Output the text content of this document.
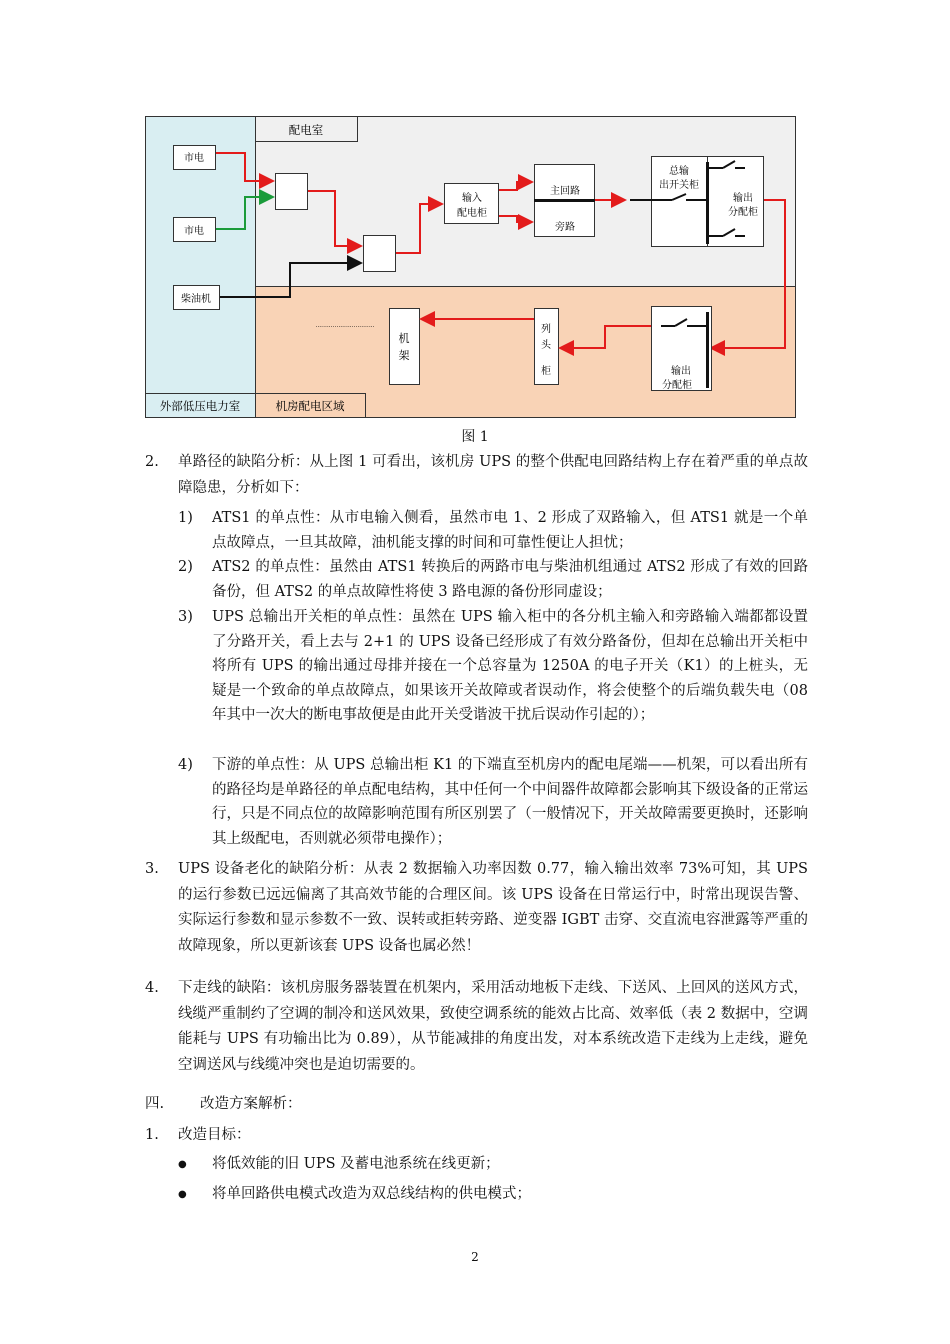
配电室
外部低压电力室	机房配电区域
市电
市电
柴油机
输入
配电柜
主回路
旁路
总输
出开关柜
输出
分配柜
输出
分配柜
列
头
柜
机
架
...............................
图 1
2. 单路径的缺陷分析：从上图 1 可看出，该机房 UPS 的整个供配电回路结构上存在着严重的单点故障隐患，分析如下：
1) ATS1 的单点性：从市电输入侧看，虽然市电 1、2 形成了双路输入，但 ATS1 就是一个单点故障点，一旦其故障，油机能支撑的时间和可靠性便让人担忧；
2) ATS2 的单点性：虽然由 ATS1 转换后的两路市电与柴油机组通过 ATS2 形成了有效的回路备份，但 ATS2 的单点故障性将使 3 路电源的备份形同虚设；
3) UPS 总输出开关柜的单点性：虽然在 UPS 输入柜中的各分机主输入和旁路输入端都都设置了分路开关，看上去与 2+1 的 UPS 设备已经形成了有效分路备份，但却在总输出开关柜中将所有 UPS 的输出通过母排并接在一个总容量为 1250A 的电子开关（K1）的上桩头，无疑是一个致命的单点故障点，如果该开关故障或者误动作，将会使整个的后端负载失电（08 年其中一次大的断电事故便是由此开关受谐波干扰后误动作引起的）；
4) 下游的单点性：从 UPS 总输出柜 K1 的下端直至机房内的配电尾端——机架，可以看出所有的路径均是单路径的单点配电结构，其中任何一个中间器件故障都会影响其下级设备的正常运行，只是不同点位的故障影响范围有所区别罢了（一般情况下，开关故障需要更换时，还影响其上级配电，否则就必须带电操作）；
3. UPS 设备老化的缺陷分析：从表 2 数据输入功率因数 0.77，输入输出效率 73%可知，其 UPS 的运行参数已远远偏离了其高效节能的合理区间。该 UPS 设备在日常运行中，时常出现误告警、实际运行参数和显示参数不一致、误转或拒转旁路、逆变器 IGBT 击穿、交直流电容泄露等严重的故障现象，所以更新该套 UPS 设备也属必然！
4. 下走线的缺陷：该机房服务器装置在机架内，采用活动地板下走线、下送风、上回风的送风方式，线缆严重制约了空调的制冷和送风效果，致使空调系统的能效占比高、效率低（表 2 数据中，空调能耗与 UPS 有功输出比为 0.89），从节能减排的角度出发，对本系统改造下走线为上走线，避免空调送风与线缆冲突也是迫切需要的。
四. 改造方案解析：
1. 改造目标：
● 将低效能的旧 UPS 及蓄电池系统在线更新；
● 将单回路供电模式改造为双总线结构的供电模式；
2
